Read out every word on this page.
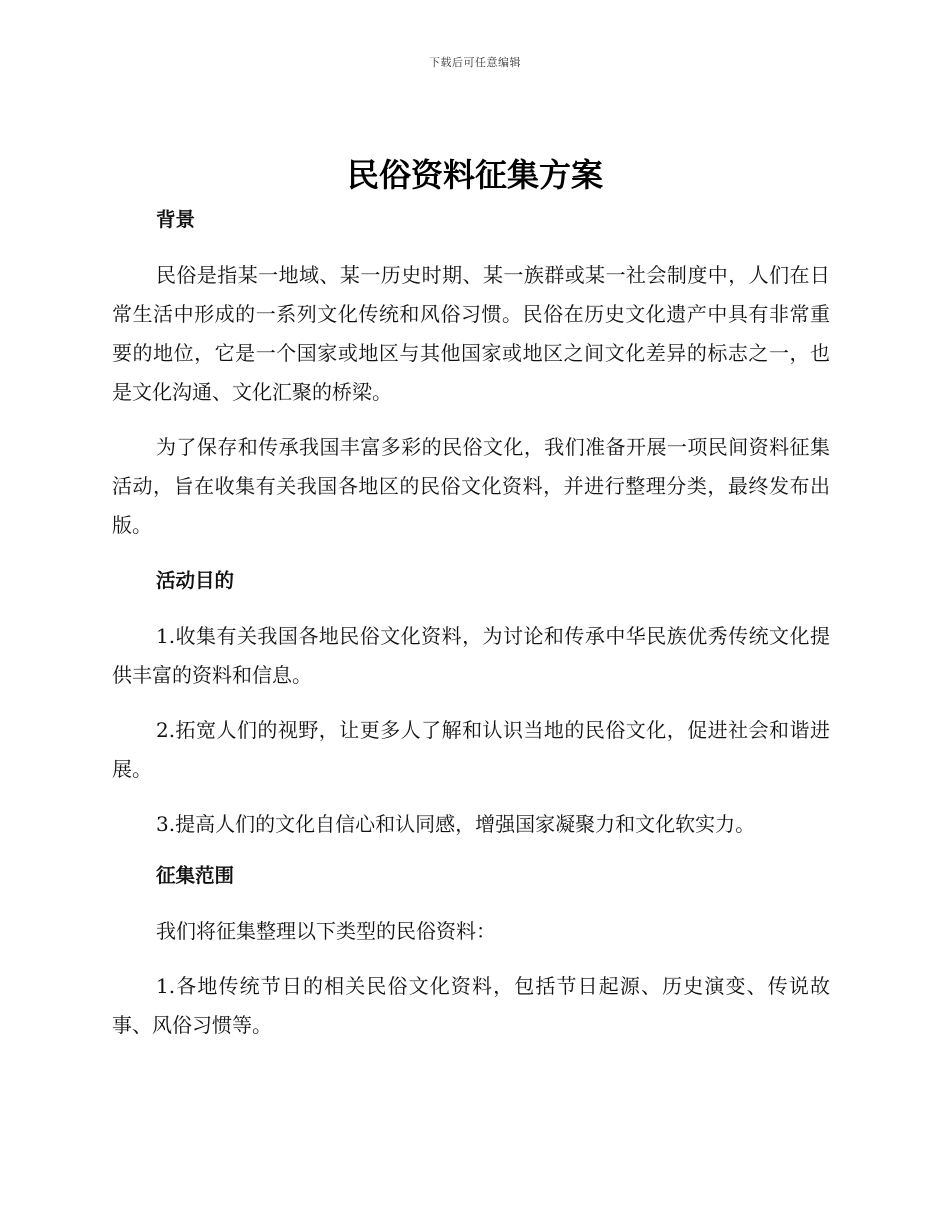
下载后可任意编辑
民俗资料征集方案
背景

民俗是指某一地域、某一历史时期、某一族群或某一社会制度中，人们在日常生活中形成的一系列文化传统和风俗习惯。民俗在历史文化遗产中具有非常重要的地位，它是一个国家或地区与其他国家或地区之间文化差异的标志之一，也是文化沟通、文化汇聚的桥梁。

为了保存和传承我国丰富多彩的民俗文化，我们准备开展一项民间资料征集活动，旨在收集有关我国各地区的民俗文化资料，并进行整理分类，最终发布出版。

活动目的

1.收集有关我国各地民俗文化资料，为讨论和传承中华民族优秀传统文化提供丰富的资料和信息。

2.拓宽人们的视野，让更多人了解和认识当地的民俗文化，促进社会和谐进展。

3.提高人们的文化自信心和认同感，增强国家凝聚力和文化软实力。

征集范围

我们将征集整理以下类型的民俗资料：

1.各地传统节日的相关民俗文化资料，包括节日起源、历史演变、传说故事、风俗习惯等。
